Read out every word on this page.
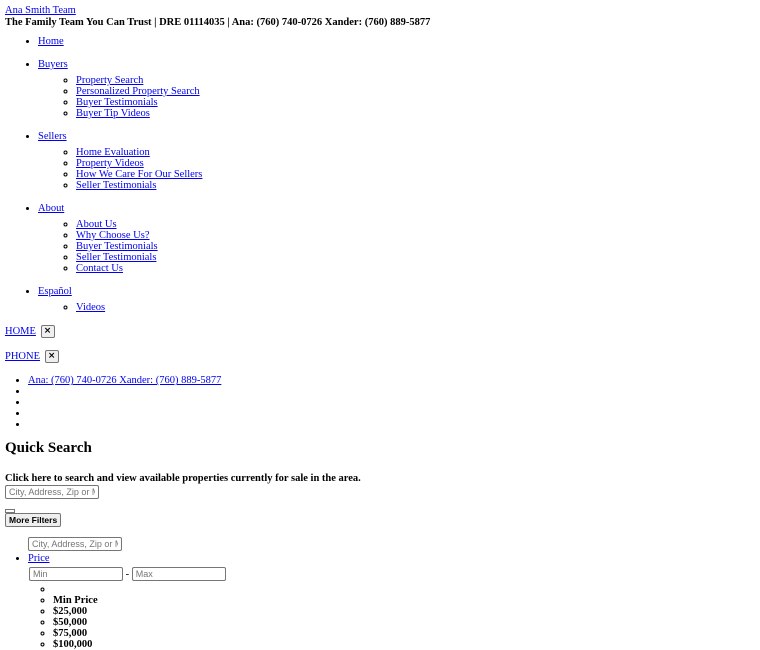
Ana Smith Team
The Family Team You Can Trust | DRE 01114035 | Ana: (760) 740-0726 Xander: (760) 889-5877
• Home
• Buyers
◦ Property Search
◦ Personalized Property Search
◦ Buyer Testimonials
◦ Buyer Tip Videos
• Sellers
◦ Home Evaluation
◦ Property Videos
◦ How We Care For Our Sellers
◦ Seller Testimonials
• About
◦ About Us
◦ Why Choose Us?
◦ Buyer Testimonials
◦ Seller Testimonials
◦ Contact Us
• Español
◦ Videos
HOME ×
PHONE ×
• Ana: (760) 740-0726 Xander: (760) 889-5877
•
•
•
•
Quick Search
Click here to search and view available properties currently for sale in the area.
City, Address, Zip or MLS
More Filters
City, Address, Zip or MLS
• Price
Min - Max
◦
◦ Min Price
◦ $25,000
◦ $50,000
◦ $75,000
◦ $100,000
